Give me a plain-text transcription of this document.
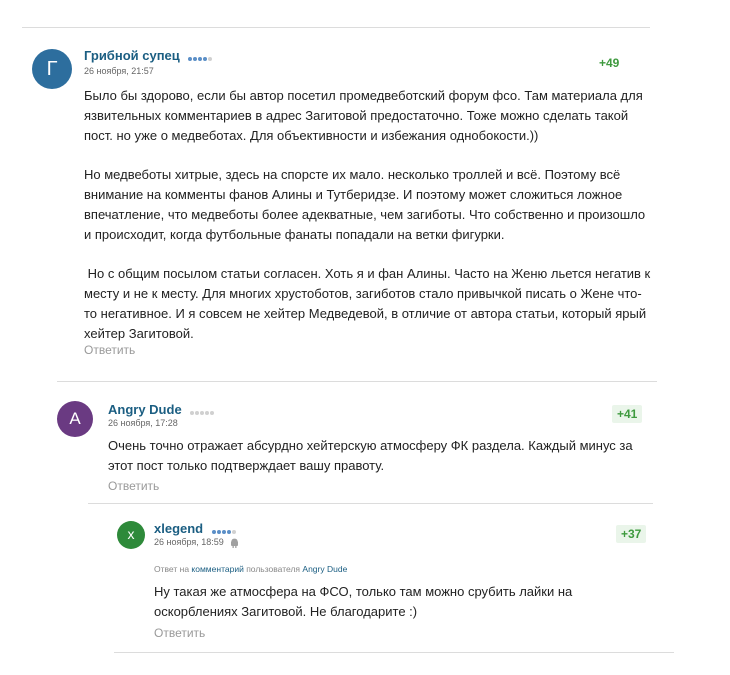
Г
Грибной супец
26 ноября, 21:57
+49

Было бы здорово, если бы автор посетил промедвеботский форум фсо. Там материала для язвительных комментариев в адрес Загитовой предостаточно. Тоже можно сделать такой пост. но уже о медвеботах. Для объективности и избежания однобокости.))

Но медвеботы хитрые, здесь на спорсте их мало. несколько троллей и всё. Поэтому всё внимание на комменты фанов Алины и Тутберидзе. И поэтому может сложиться ложное впечатление, что медвеботы более адекватные, чем загиботы. Что собственно и произошло и происходит, когда футбольные фанаты попадали на ветки фигурки.

Но с общим посылом статьи согласен. Хоть я и фан Алины. Часто на Женю льется негатив к месту и не к месту. Для многих хрустоботов, загиботов стало привычкой писать о Жене что-то негативное. И я совсем не хейтер Медведевой, в отличие от автора статьи, который ярый хейтер Загитовой.

Ответить
A	Angry Dude
26 ноября, 17:28
+41

Очень точно отражает абсурдно хейтерскую атмосферу ФК раздела. Каждый минус за этот пост только подтверждает вашу правоту.

Ответить
x	xlegend
26 ноября, 18:59
+37
Ответ на комментарий пользователя Angry Dude

Ну такая же атмосфера на ФСО, только там можно срубить лайки на оскорблениях Загитовой. Не благодарите :)

Ответить
